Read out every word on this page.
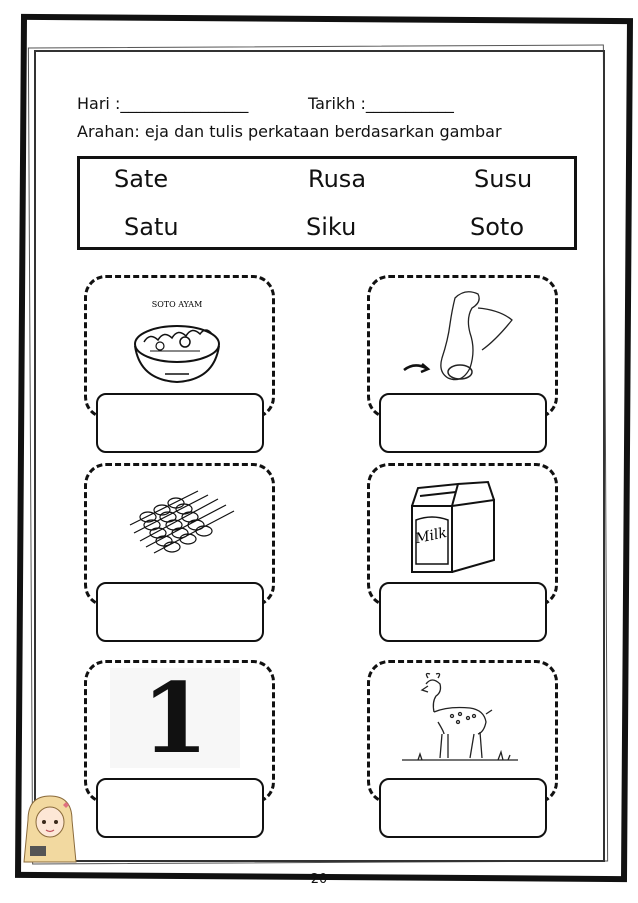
Hari :________________	Tarikh :___________
Arahan: eja dan tulis perkataan berdasarkan gambar
Sate	Rusa	Susu
Satu	Siku	Soto
SOTO AYAM
Milk
1
20
